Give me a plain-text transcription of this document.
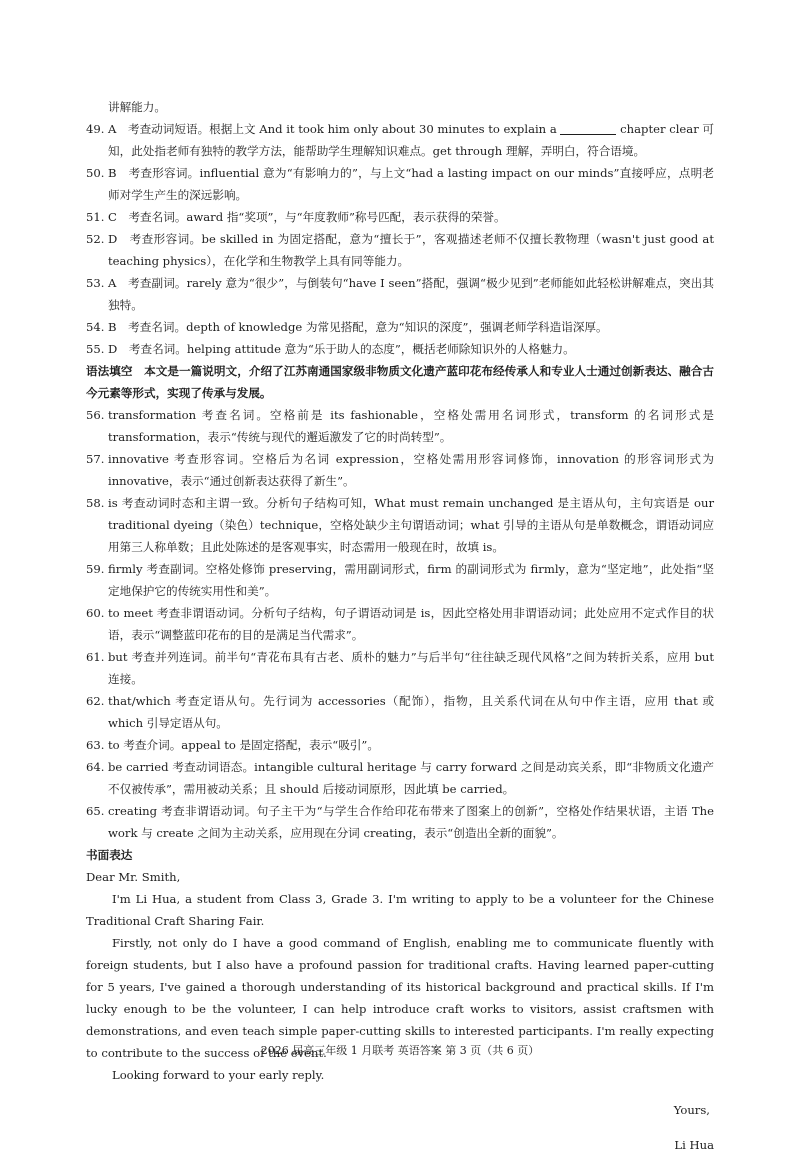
讲解能力。

49. A　考查动词短语。根据上文 And it took him only about 30 minutes to explain a	chapter clear 可知，此处指老师有独特的教学方法，能帮助学生理解知识难点。get through 理解，弄明白，符合语境。
50. B　考查形容词。influential 意为“有影响力的”，与上文“had a lasting impact on our minds”直接呼应，点明老师对学生产生的深远影响。
51. C　考查名词。award 指“奖项”，与“年度教师”称号匹配，表示获得的荣誉。
52. D　考查形容词。be skilled in 为固定搭配，意为“擅长于”，客观描述老师不仅擅长教物理（wasn't just good at teaching physics），在化学和生物教学上具有同等能力。
53. A　考查副词。rarely 意为“很少”，与倒装句“have I seen”搭配，强调“极少见到”老师能如此轻松讲解难点，突出其独特。
54. B　考查名词。depth of knowledge 为常见搭配，意为“知识的深度”，强调老师学科造诣深厚。
55. D　考查名词。helping attitude 意为“乐于助人的态度”，概括老师除知识外的人格魅力。

语法填空　本文是一篇说明文，介绍了江苏南通国家级非物质文化遗产蓝印花布经传承人和专业人士通过创新表达、融合古今元素等形式，实现了传承与发展。

56. transformation 考查名词。空格前是 its fashionable，空格处需用名词形式，transform 的名词形式是 transformation，表示“传统与现代的邂逅激发了它的时尚转型”。
57. innovative 考查形容词。空格后为名词 expression，空格处需用形容词修饰，innovation 的形容词形式为 innovative，表示“通过创新表达获得了新生”。
58. is 考查动词时态和主谓一致。分析句子结构可知，What must remain unchanged 是主语从句，主句宾语是 our traditional dyeing（染色）technique，空格处缺少主句谓语动词；what 引导的主语从句是单数概念，谓语动词应用第三人称单数；且此处陈述的是客观事实，时态需用一般现在时，故填 is。
59. firmly 考查副词。空格处修饰 preserving，需用副词形式，firm 的副词形式为 firmly，意为“坚定地”，此处指“坚定地保护它的传统实用性和美”。
60. to meet 考查非谓语动词。分析句子结构，句子谓语动词是 is，因此空格处用非谓语动词；此处应用不定式作目的状语，表示“调整蓝印花布的目的是满足当代需求”。
61. but 考查并列连词。前半句“青花布具有古老、质朴的魅力”与后半句“往往缺乏现代风格”之间为转折关系，应用 but 连接。
62. that/which 考查定语从句。先行词为 accessories（配饰），指物，且关系代词在从句中作主语，应用 that 或 which 引导定语从句。
63. to 考查介词。appeal to 是固定搭配，表示“吸引”。
64. be carried 考查动词语态。intangible cultural heritage 与 carry forward 之间是动宾关系，即“非物质文化遗产不仅被传承”，需用被动关系；且 should 后接动词原形，因此填 be carried。
65. creating 考查非谓语动词。句子主干为“与学生合作给印花布带来了图案上的创新”，空格处作结果状语，主语 The work 与 create 之间为主动关系，应用现在分词 creating，表示“创造出全新的面貌”。

书面表达

Dear Mr. Smith,

I'm Li Hua, a student from Class 3, Grade 3. I'm writing to apply to be a volunteer for the Chinese Traditional Craft Sharing Fair.

Firstly, not only do I have a good command of English, enabling me to communicate fluently with foreign students, but I also have a profound passion for traditional crafts. Having learned paper-cutting for 5 years, I've gained a thorough understanding of its historical background and practical skills. If I'm lucky enough to be the volunteer, I can help introduce craft works to visitors, assist craftsmen with demonstrations, and even teach simple paper-cutting skills to interested participants. I'm really expecting to contribute to the success of the event.

Looking forward to your early reply.

Yours,

Li Hua

2026 届高三年级 1 月联考 英语答案 第 3 页（共 6 页）
